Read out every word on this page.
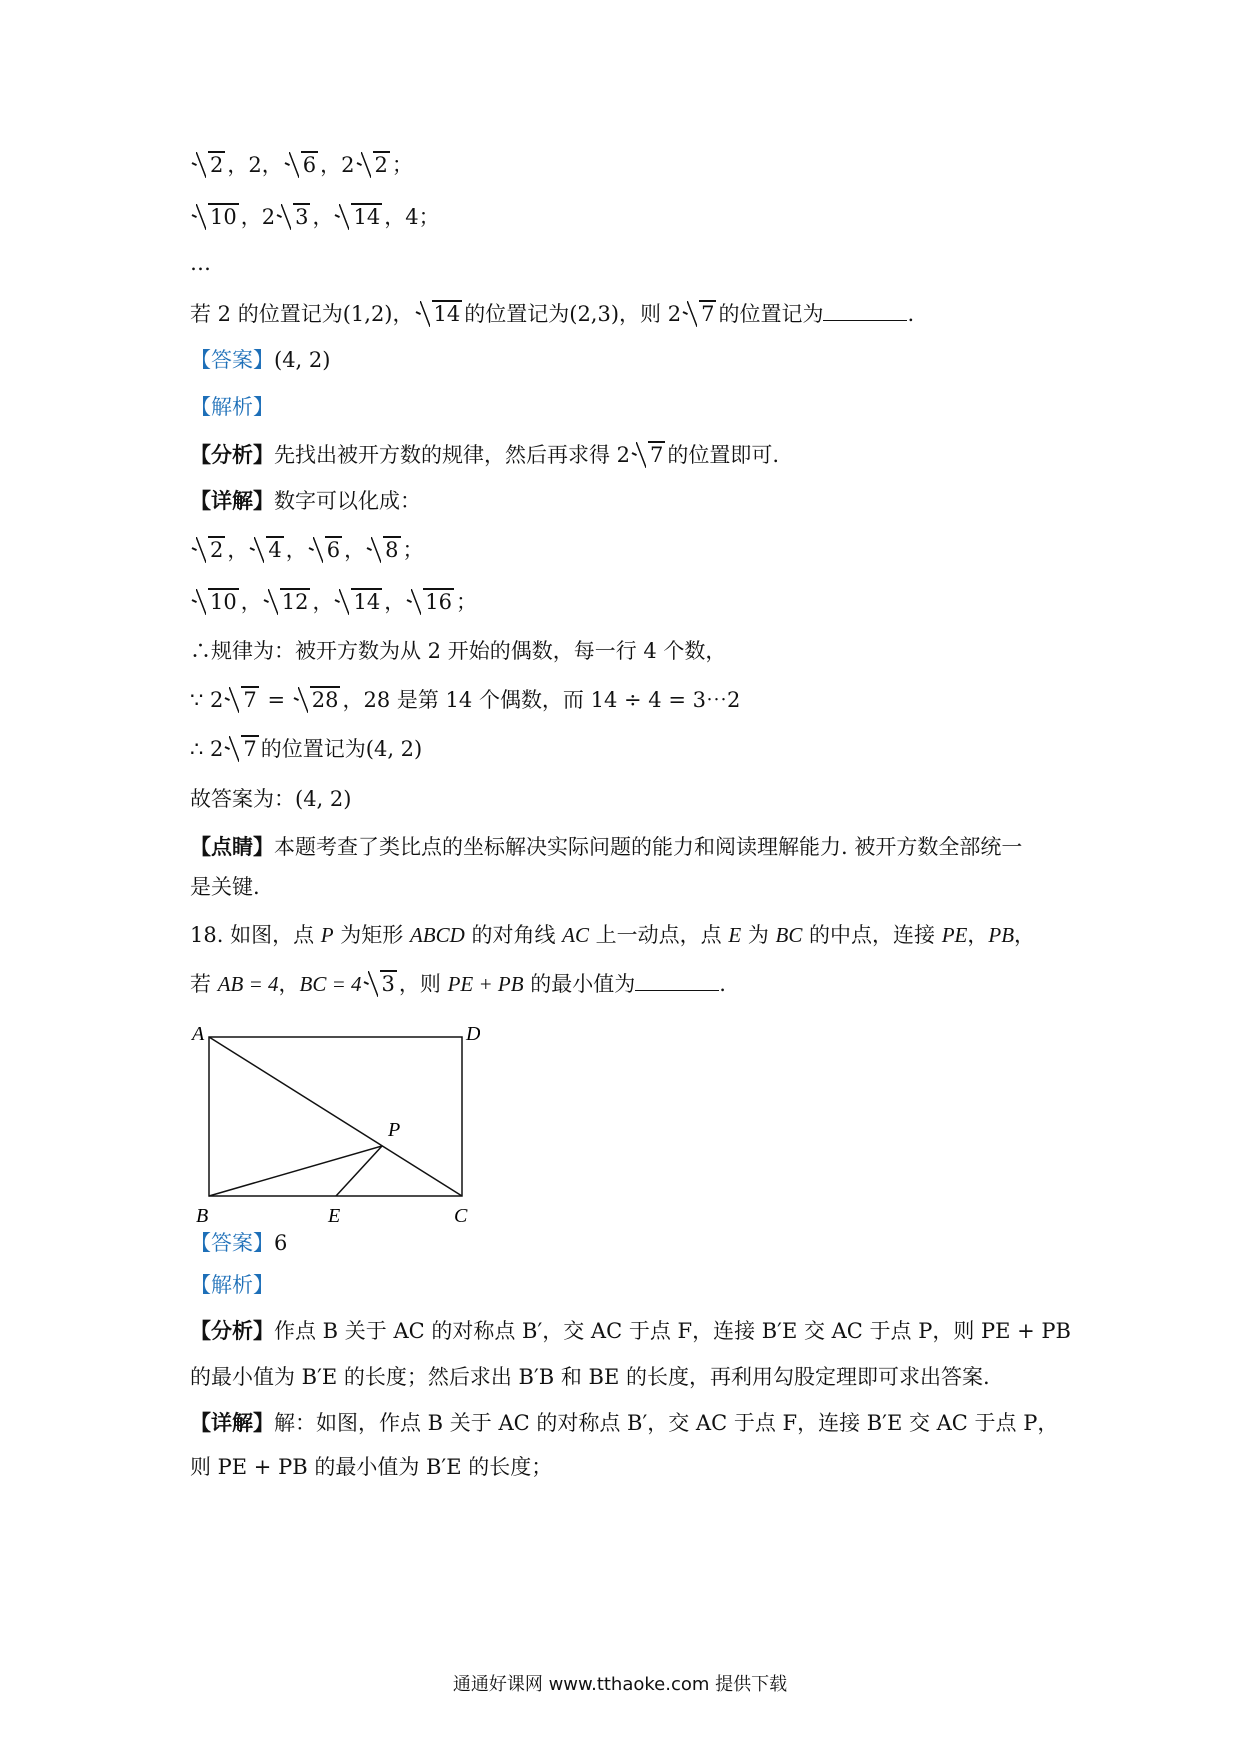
2 ，2， 6 ，2 2 ；
10 ，2 3 ， 14 ，4；
…
若 2 的位置记为(1,2)， 14 的位置记为(2,3)，则 2 7 的位置记为	.
【答案】(4, 2)
【解析】
【分析】先找出被开方数的规律，然后再求得 2 7 的位置即可.
【详解】数字可以化成：
2 ， 4 ， 6 ， 8 ；
10 ， 12 ， 14 ， 16 ；
∴规律为：被开方数为从 2 开始的偶数，每一行 4 个数，
∵ 2 7 = 28 ，28 是第 14 个偶数，而 14 ÷ 4 = 3⋯2
∴ 2 7 的位置记为(4, 2)
故答案为：(4, 2)
【点睛】本题考查了类比点的坐标解决实际问题的能力和阅读理解能力. 被开方数全部统一
是关键.
18. 如图，点 P 为矩形 ABCD 的对角线 AC 上一动点，点 E 为 BC 的中点，连接 PE，PB，
若 AB = 4，BC = 4 3 ，则 PE + PB 的最小值为	.
A	D
B	E	C
P
【答案】6
【解析】
【分析】作点 B 关于 AC 的对称点 B′，交 AC 于点 F，连接 B′E 交 AC 于点 P，则 PE + PB
的最小值为 B′E 的长度；然后求出 B′B 和 BE 的长度，再利用勾股定理即可求出答案.
【详解】解：如图，作点 B 关于 AC 的对称点 B′，交 AC 于点 F，连接 B′E 交 AC 于点 P，
则 PE + PB 的最小值为 B′E 的长度；
通通好课网 www.tthaoke.com 提供下载
